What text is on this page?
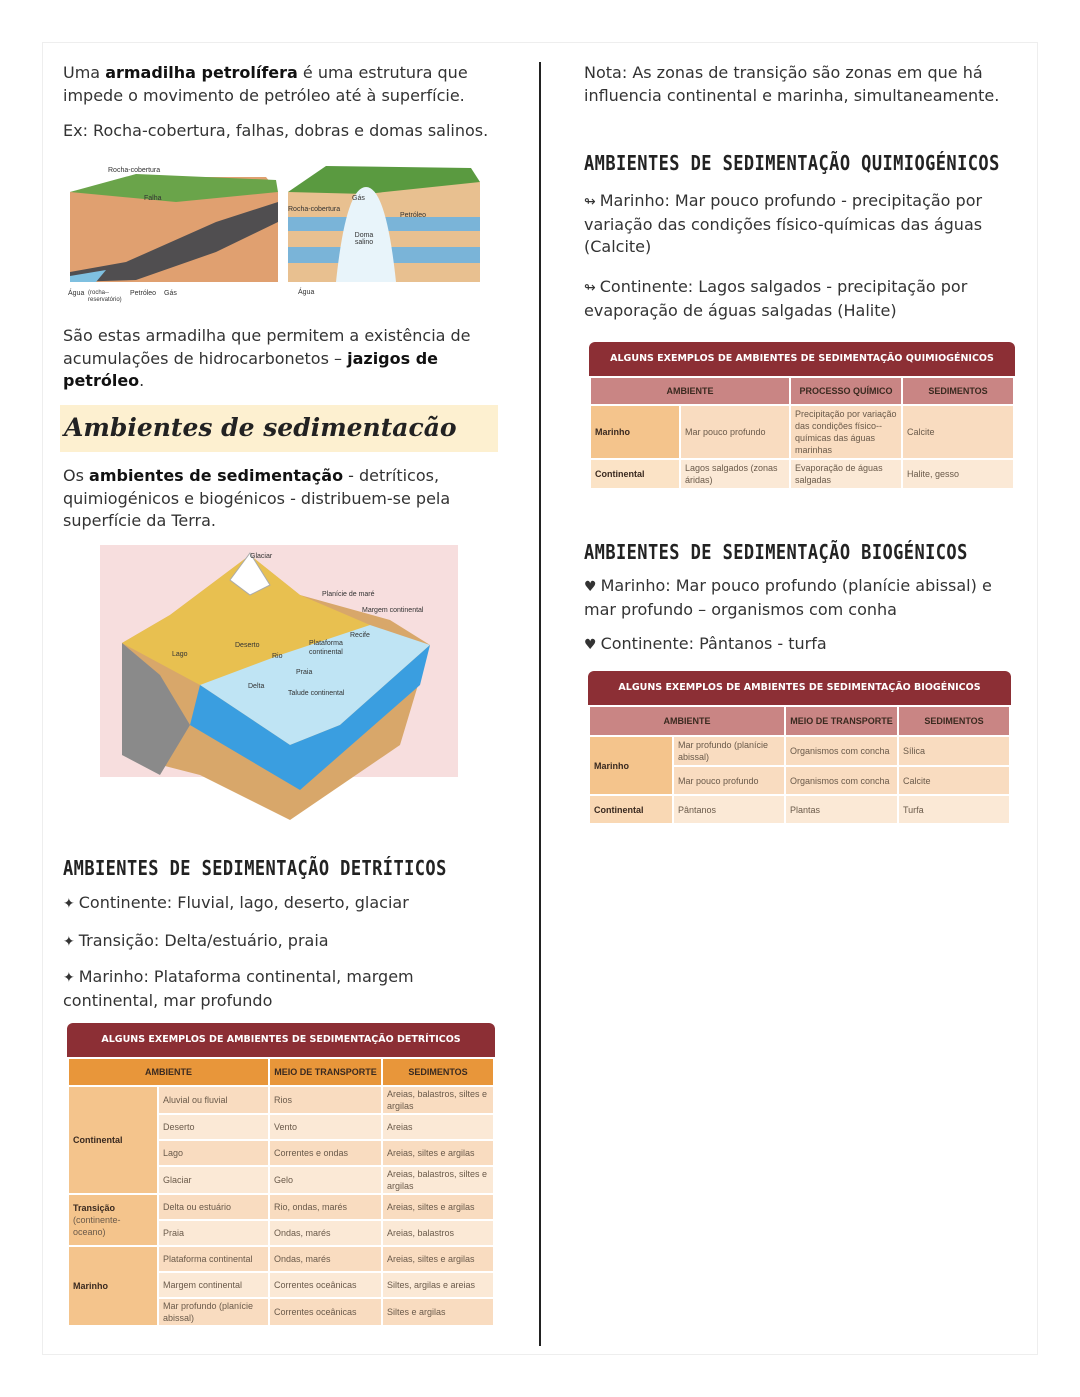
Uma armadilha petrolífera é uma estrutura que impede o movimento de petróleo até à superfície.

Ex: Rocha-cobertura, falhas, dobras e domas salinos.

Rocha-cobertura
Falha
Água (rocha--reservatório)
Petróleo Gás
Rocha-cobertura
Gás
Petróleo
Doma salino
Água

São estas armadilha que permitem a existência de acumulações de hidrocarbonetos – jazigos de petróleo.

Ambientes de sedimentacão

Os ambientes de sedimentação - detríticos, quimiogénicos e biogénicos - distribuem-se pela superfície da Terra.

Glaciar
Planície de maré
Margem continental
Recife
Deserto	Plataforma continental
Lago	Rio
Praia
Delta
Talude continental
AMBIENTES DE SEDIMENTAÇÃO DETRÍTICOS

✦ Continente: Fluvial, lago, deserto, glaciar

✦ Transição: Delta/estuário, praia

✦ Marinho: Plataforma continental, margem continental, mar profundo

ALGUNS EXEMPLOS DE AMBIENTES DE SEDIMENTAÇÃO DETRÍTICOS
AMBIENTE		MEIO DE TRANSPORTE	SEDIMENTOS
Continental	Aluvial ou fluvial	Rios	Areias, balastros, siltes e argilas
	Deserto	Vento	Areias
	Lago	Correntes e ondas	Areias, siltes e argilas
	Glaciar	Gelo	Areias, balastros, siltes e argilas
Transição
(continente-oceano)	Delta ou estuário	Rio, ondas, marés	Areias, siltes e argilas
	Praia	Ondas, marés	Areias, balastros
Marinho	Plataforma continental	Ondas, marés	Areias, siltes e argilas
	Margem continental	Correntes oceânicas	Siltes, argilas e areias
	Mar profundo (planície abissal)	Correntes oceânicas	Siltes e argilas

Nota: As zonas de transição são zonas em que há influencia continental e marinha, simultaneamente.

AMBIENTES DE SEDIMENTAÇÃO QUIMIOGÉNICOS

↬ Marinho: Mar pouco profundo - precipitação por variação das condições físico-químicas das águas (Calcite)

↬ Continente: Lagos salgados - precipitação por evaporação de águas salgadas (Halite)

ALGUNS EXEMPLOS DE AMBIENTES DE SEDIMENTAÇÃO QUIMIOGÉNICOS
AMBIENTE		PROCESSO QUÍMICO	SEDIMENTOS
Marinho	Mar pouco profundo	Precipitação por variação das condições físico--químicas das águas marinhas	Calcite
Continental	Lagos salgados (zonas áridas)	Evaporação de águas salgadas	Halite, gesso
AMBIENTES DE SEDIMENTAÇÃO BIOGÉNICOS

♥ Marinho: Mar pouco profundo (planície abissal) e mar profundo – organismos com conha

♥ Continente: Pântanos - turfa

ALGUNS EXEMPLOS DE AMBIENTES DE SEDIMENTAÇÃO BIOGÉNICOS
AMBIENTE		MEIO DE TRANSPORTE	SEDIMENTOS
Marinho	Mar profundo (planície abissal)	Organismos com concha	Sílica
	Mar pouco profundo	Organismos com concha	Calcite
Continental	Pântanos	Plantas	Turfa
